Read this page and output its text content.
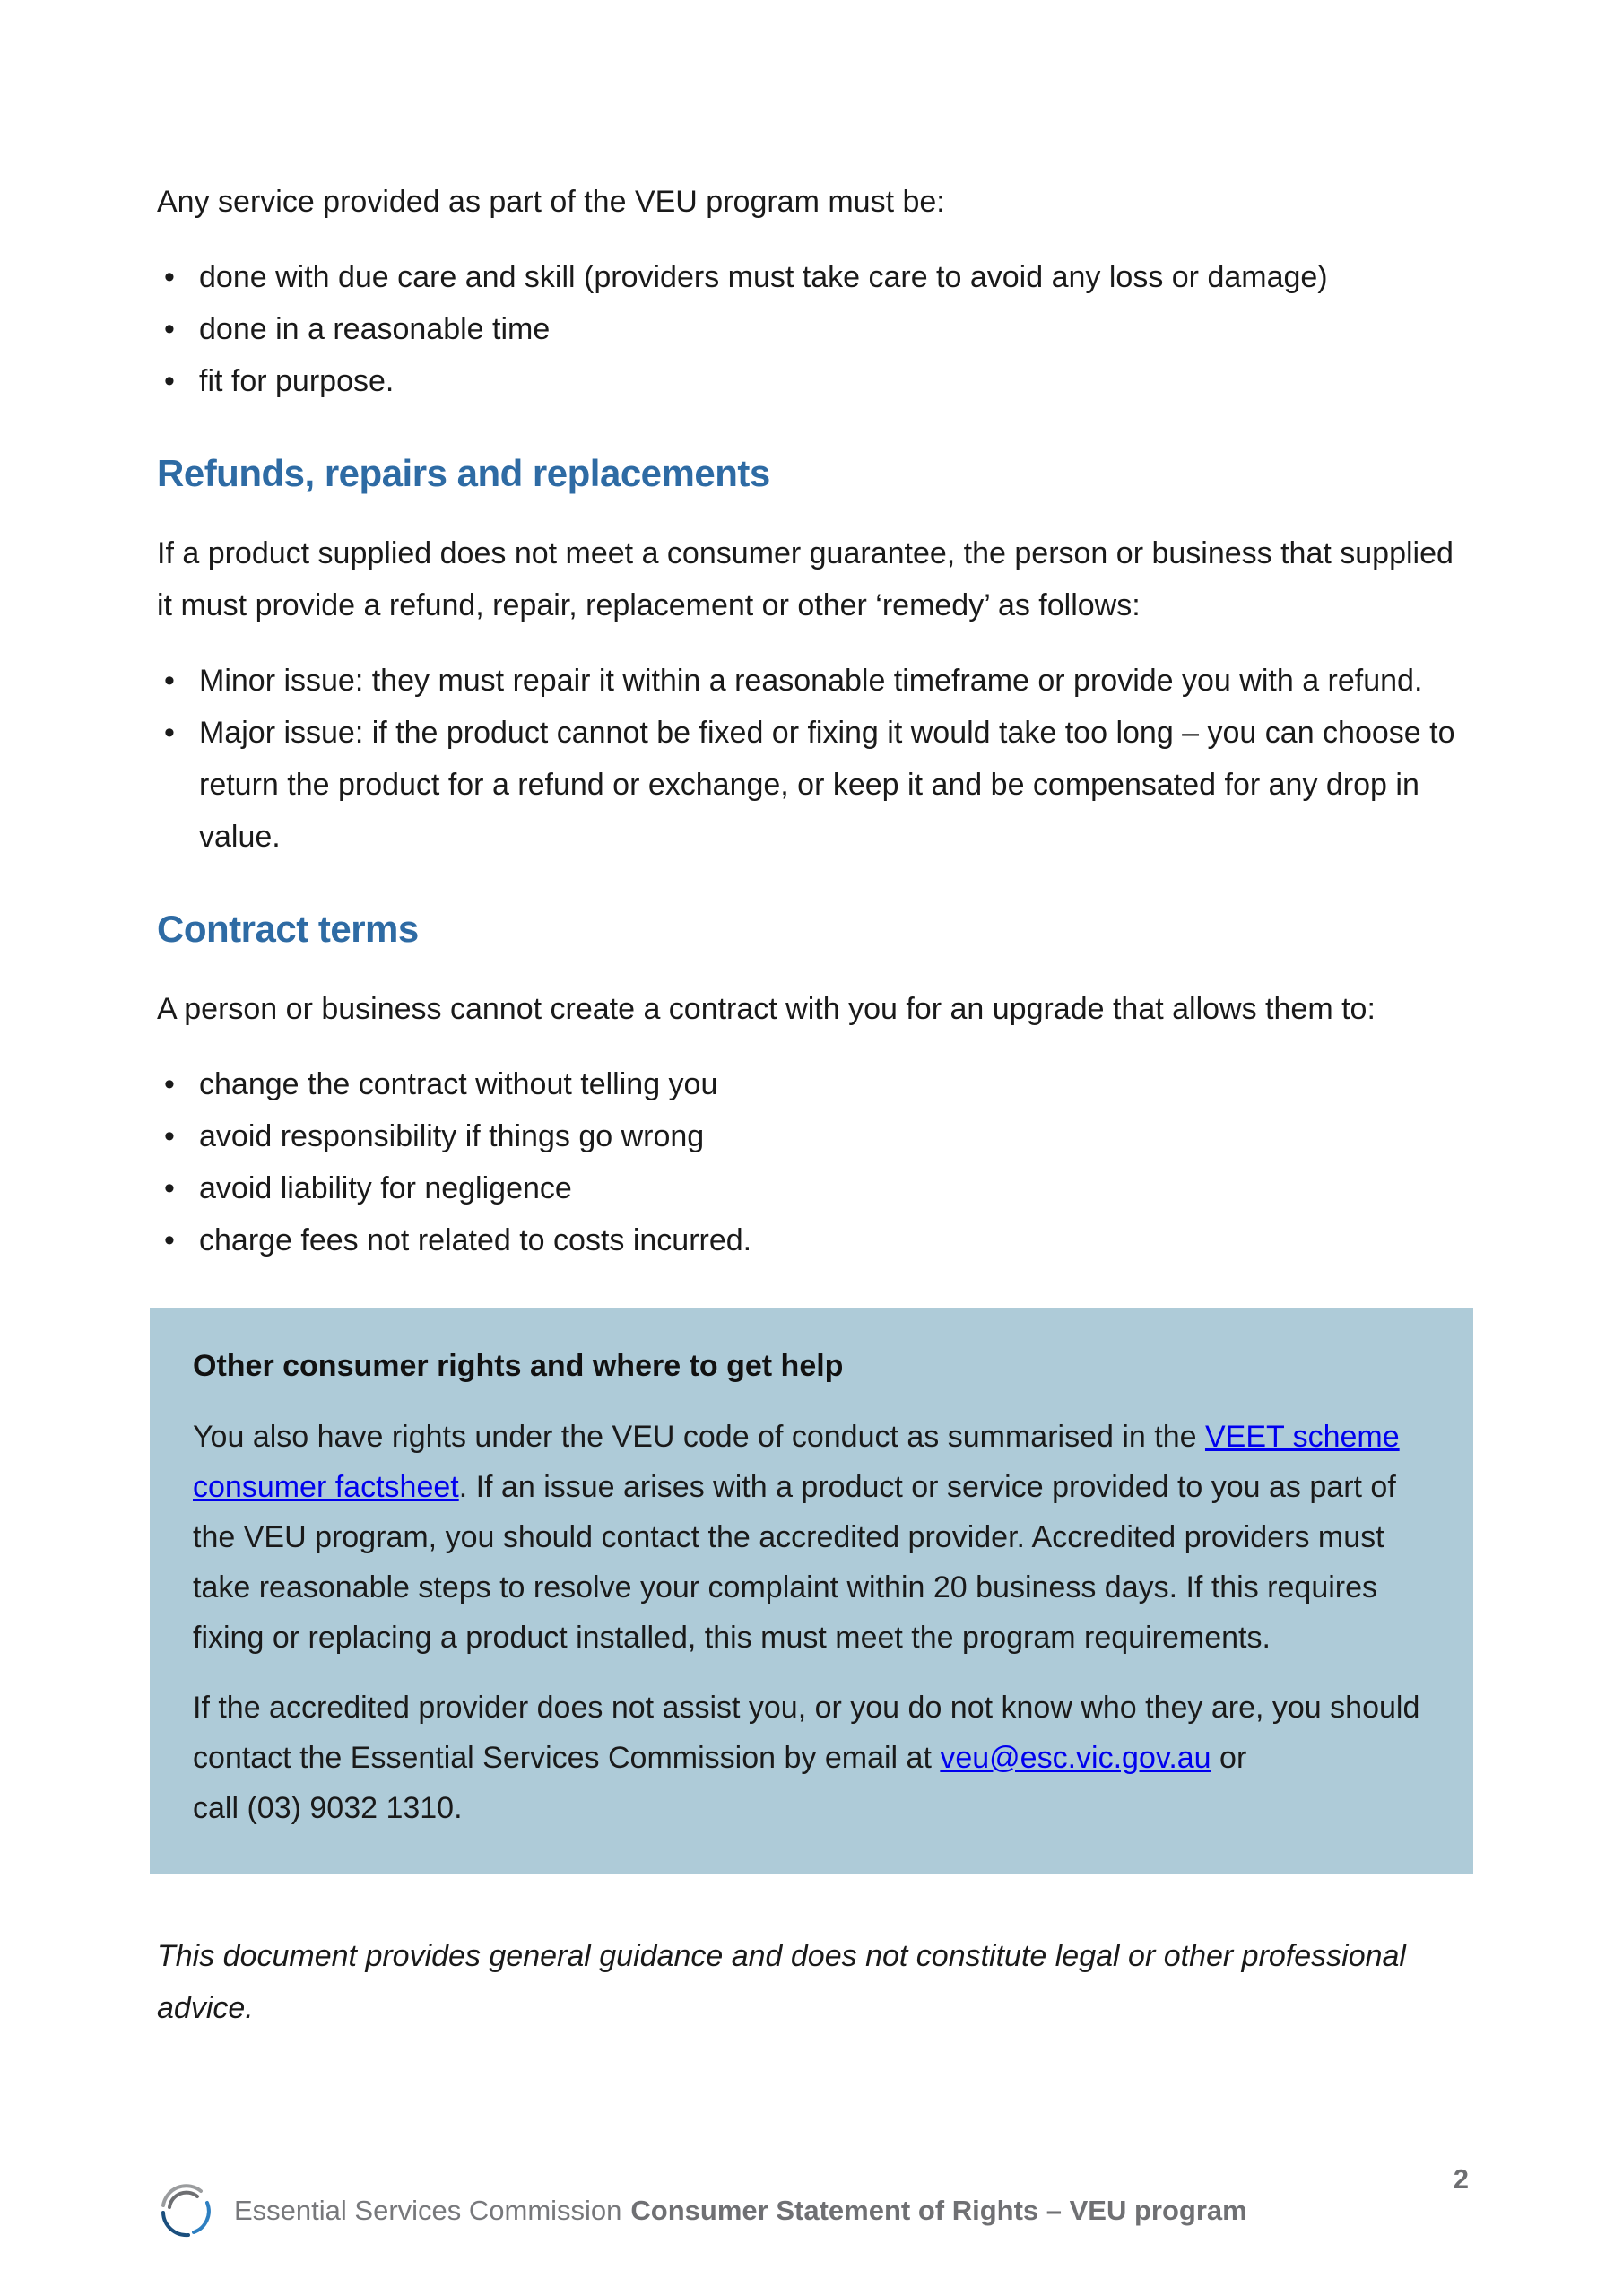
Any service provided as part of the VEU program must be:

• done with due care and skill (providers must take care to avoid any loss or damage)
• done in a reasonable time
• fit for purpose.
Refunds, repairs and replacements

If a product supplied does not meet a consumer guarantee, the person or business that supplied it must provide a refund, repair, replacement or other ‘remedy’ as follows:

• Minor issue: they must repair it within a reasonable timeframe or provide you with a refund.
• Major issue: if the product cannot be fixed or fixing it would take too long – you can choose to return the product for a refund or exchange, or keep it and be compensated for any drop in value.
Contract terms

A person or business cannot create a contract with you for an upgrade that allows them to:

• change the contract without telling you
• avoid responsibility if things go wrong
• avoid liability for negligence
• charge fees not related to costs incurred.
Other consumer rights and where to get help

You also have rights under the VEU code of conduct as summarised in the VEET scheme
consumer factsheet. If an issue arises with a product or service provided to you as part of the VEU program, you should contact the accredited provider. Accredited providers must take reasonable steps to resolve your complaint within 20 business days. If this requires fixing or replacing a product installed, this must meet the program requirements.

If the accredited provider does not assist you, or you do not know who they are, you should contact the Essential Services Commission by email at veu@esc.vic.gov.au or
call (03) 9032 1310.

This document provides general guidance and does not constitute legal or other professional advice.

Essential Services Commission Consumer Statement of Rights – VEU program
2
